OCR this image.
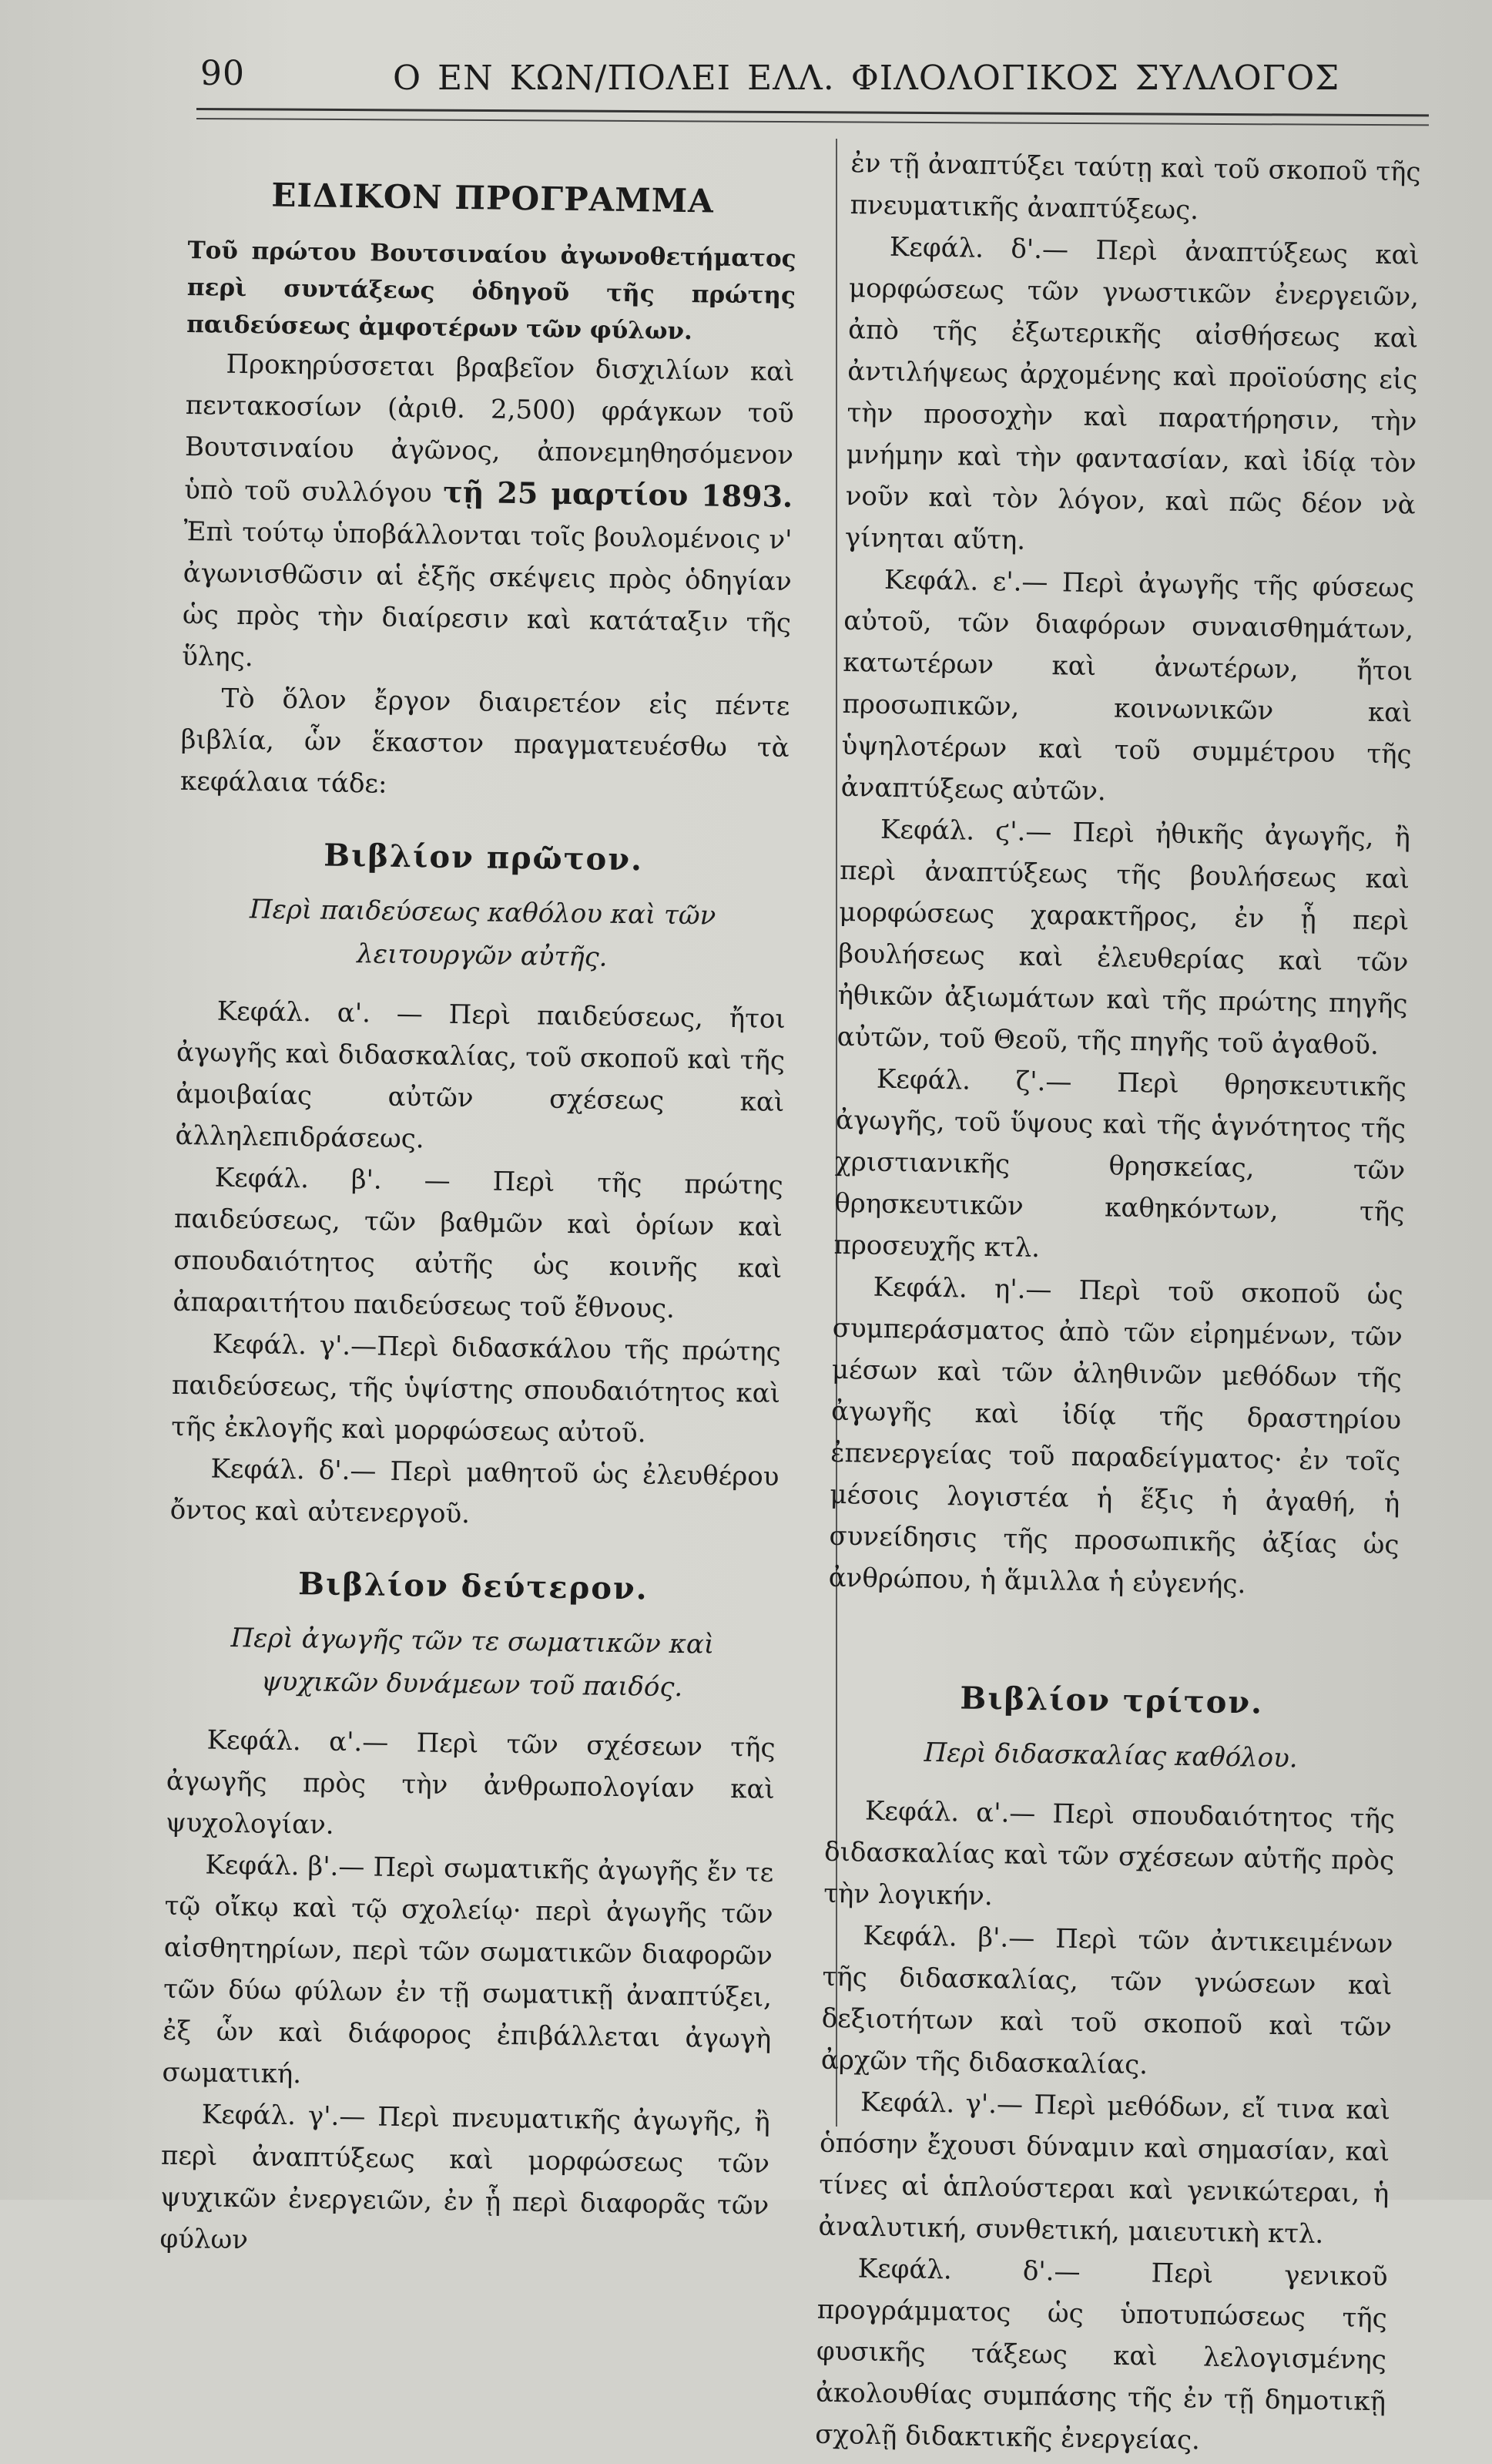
90	Ο ΕΝ ΚΩΝ/ΠΟΛΕΙ ΕΛΛ. ΦΙΛΟΛΟΓΙΚΟΣ ΣΥΛΛΟΓΟΣ
ΕΙΔΙΚΟΝ ΠΡΟΓΡΑΜΜΑ

Τοῦ πρώτου Βουτσιναίου ἀγωνοθετήματος περὶ συντάξεως ὁδηγοῦ τῆς πρώτης παιδεύσεως ἀμφοτέρων τῶν φύλων.

Προκηρύσσεται βραβεῖον δισχιλίων καὶ πεντακοσίων (ἀριθ. 2,500) φράγκων τοῦ Βουτσιναίου ἀγῶνος, ἀπονεμηθησόμενον ὑπὸ τοῦ συλλόγου τῇ 25 μαρτίου 1893. Ἐπὶ τούτῳ ὑποβάλλονται τοῖς βουλομένοις ν' ἀγωνισθῶσιν αἱ ἑξῆς σκέψεις πρὸς ὁδηγίαν ὡς πρὸς τὴν διαίρεσιν καὶ κατάταξιν τῆς ὕλης.

Τὸ ὅλον ἔργον διαιρετέον εἰς πέντε βιβλία, ὧν ἕκαστον πραγματευέσθω τὰ κεφάλαια τάδε:

Βιβλίον πρῶτον.
Περὶ παιδεύσεως καθόλου καὶ τῶν λειτουργῶν αὐτῆς.

Κεφάλ. α'. — Περὶ παιδεύσεως, ἤτοι ἀγωγῆς καὶ διδασκαλίας, τοῦ σκοποῦ καὶ τῆς ἀμοιβαίας αὐτῶν σχέσεως καὶ ἀλληλεπιδράσεως.

Κεφάλ. β'. — Περὶ τῆς πρώτης παιδεύσεως, τῶν βαθμῶν καὶ ὁρίων καὶ σπουδαιότητος αὐτῆς ὡς κοινῆς καὶ ἀπαραιτήτου παιδεύσεως τοῦ ἔθνους.

Κεφάλ. γ'.—Περὶ διδασκάλου τῆς πρώτης παιδεύσεως, τῆς ὑψίστης σπουδαιότητος καὶ τῆς ἐκλογῆς καὶ μορφώσεως αὐτοῦ.

Κεφάλ. δ'.— Περὶ μαθητοῦ ὡς ἐλευθέρου ὄντος καὶ αὐτενεργοῦ.

Βιβλίον δεύτερον.
Περὶ ἀγωγῆς τῶν τε σωματικῶν καὶ ψυχικῶν δυνάμεων τοῦ παιδός.

Κεφάλ. α'.— Περὶ τῶν σχέσεων τῆς ἀγωγῆς πρὸς τὴν ἀνθρωπολογίαν καὶ ψυχολογίαν.

Κεφάλ. β'.— Περὶ σωματικῆς ἀγωγῆς ἔν τε τῷ οἴκῳ καὶ τῷ σχολείῳ· περὶ ἀγωγῆς τῶν αἰσθητηρίων, περὶ τῶν σωματικῶν διαφορῶν τῶν δύω φύλων ἐν τῇ σωματικῇ ἀναπτύξει, ἐξ ὧν καὶ διάφορος ἐπιβάλλεται ἀγωγὴ σωματική.

Κεφάλ. γ'.— Περὶ πνευματικῆς ἀγωγῆς, ἢ περὶ ἀναπτύξεως καὶ μορφώσεως τῶν ψυχικῶν ἐνεργειῶν, ἐν ᾗ περὶ διαφορᾶς τῶν φύλων

ἐν τῇ ἀναπτύξει ταύτῃ καὶ τοῦ σκοποῦ τῆς πνευματικῆς ἀναπτύξεως.

Κεφάλ. δ'.— Περὶ ἀναπτύξεως καὶ μορφώσεως τῶν γνωστικῶν ἐνεργειῶν, ἀπὸ τῆς ἐξωτερικῆς αἰσθήσεως καὶ ἀντιλήψεως ἀρχομένης καὶ προϊούσης εἰς τὴν προσοχὴν καὶ παρατήρησιν, τὴν μνήμην καὶ τὴν φαντασίαν, καὶ ἰδίᾳ τὸν νοῦν καὶ τὸν λόγον, καὶ πῶς δέον νὰ γίνηται αὕτη.

Κεφάλ. ε'.— Περὶ ἀγωγῆς τῆς φύσεως αὐτοῦ, τῶν διαφόρων συναισθημάτων, κατωτέρων καὶ ἀνωτέρων, ἤτοι προσωπικῶν, κοινωνικῶν καὶ ὑψηλοτέρων καὶ τοῦ συμμέτρου τῆς ἀναπτύξεως αὐτῶν.

Κεφάλ. ϛ'.— Περὶ ἠθικῆς ἀγωγῆς, ἢ περὶ ἀναπτύξεως τῆς βουλήσεως καὶ μορφώσεως χαρακτῆρος, ἐν ᾗ περὶ βουλήσεως καὶ ἐλευθερίας καὶ τῶν ἠθικῶν ἀξιωμάτων καὶ τῆς πρώτης πηγῆς αὐτῶν, τοῦ Θεοῦ, τῆς πηγῆς τοῦ ἀγαθοῦ.

Κεφάλ. ζ'.— Περὶ θρησκευτικῆς ἀγωγῆς, τοῦ ὕψους καὶ τῆς ἁγνότητος τῆς χριστιανικῆς θρησκείας, τῶν θρησκευτικῶν καθηκόντων, τῆς προσευχῆς κτλ.

Κεφάλ. η'.— Περὶ τοῦ σκοποῦ ὡς συμπεράσματος ἀπὸ τῶν εἰρημένων, τῶν μέσων καὶ τῶν ἀληθινῶν μεθόδων τῆς ἀγωγῆς καὶ ἰδίᾳ τῆς δραστηρίου ἐπενεργείας τοῦ παραδείγματος· ἐν τοῖς μέσοις λογιστέα ἡ ἕξις ἡ ἀγαθή, ἡ συνείδησις τῆς προσωπικῆς ἀξίας ὡς ἀνθρώπου, ἡ ἅμιλλα ἡ εὐγενής.

Βιβλίον τρίτον.
Περὶ διδασκαλίας καθόλου.

Κεφάλ. α'.— Περὶ σπουδαιότητος τῆς διδασκαλίας καὶ τῶν σχέσεων αὐτῆς πρὸς τὴν λογικήν.

Κεφάλ. β'.— Περὶ τῶν ἀντικειμένων τῆς διδασκαλίας, τῶν γνώσεων καὶ δεξιοτήτων καὶ τοῦ σκοποῦ καὶ τῶν ἀρχῶν τῆς διδασκαλίας.

Κεφάλ. γ'.— Περὶ μεθόδων, εἴ τινα καὶ ὁπόσην ἔχουσι δύναμιν καὶ σημασίαν, καὶ τίνες αἱ ἁπλούστεραι καὶ γενικώτεραι, ἡ ἀναλυτική, συνθετική, μαιευτικὴ κτλ.

Κεφάλ. δ'.— Περὶ γενικοῦ προγράμματος ὡς ὑποτυπώσεως τῆς φυσικῆς τάξεως καὶ λελογισμένης ἀκολουθίας συμπάσης τῆς ἐν τῇ δημοτικῇ σχολῇ διδακτικῆς ἐνεργείας.
